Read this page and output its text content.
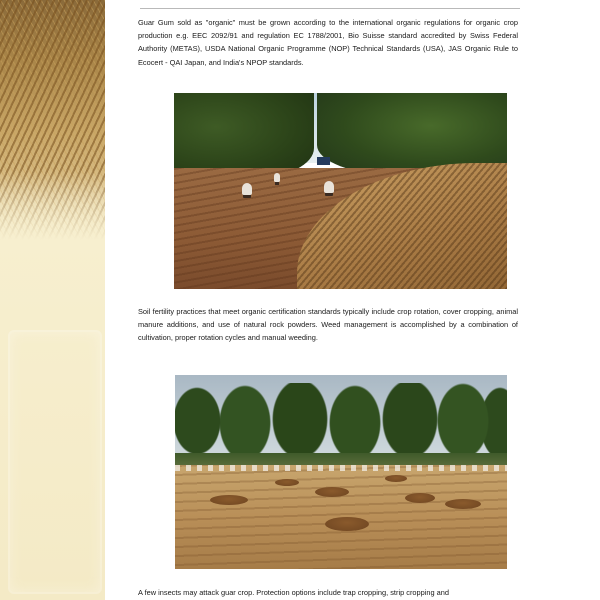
Guar Gum sold as "organic" must be grown according to the international organic regulations for organic crop production e.g. EEC 2092/91 and regulation EC 1788/2001, Bio Suisse standard accredited by Swiss Federal Authority (METAS), USDA National Organic Programme (NOP) Technical Standards (USA), JAS Organic Rule to Ecocert - QAI Japan, and India's NPOP standards.

Soil fertility practices that meet organic certification standards typically include crop rotation, cover cropping, animal manure additions, and use of natural rock powders. Weed management is accomplished by a combination of cultivation, proper rotation cycles and manual weeding.

A few insects may attack guar crop. Protection options include trap cropping, strip cropping and
